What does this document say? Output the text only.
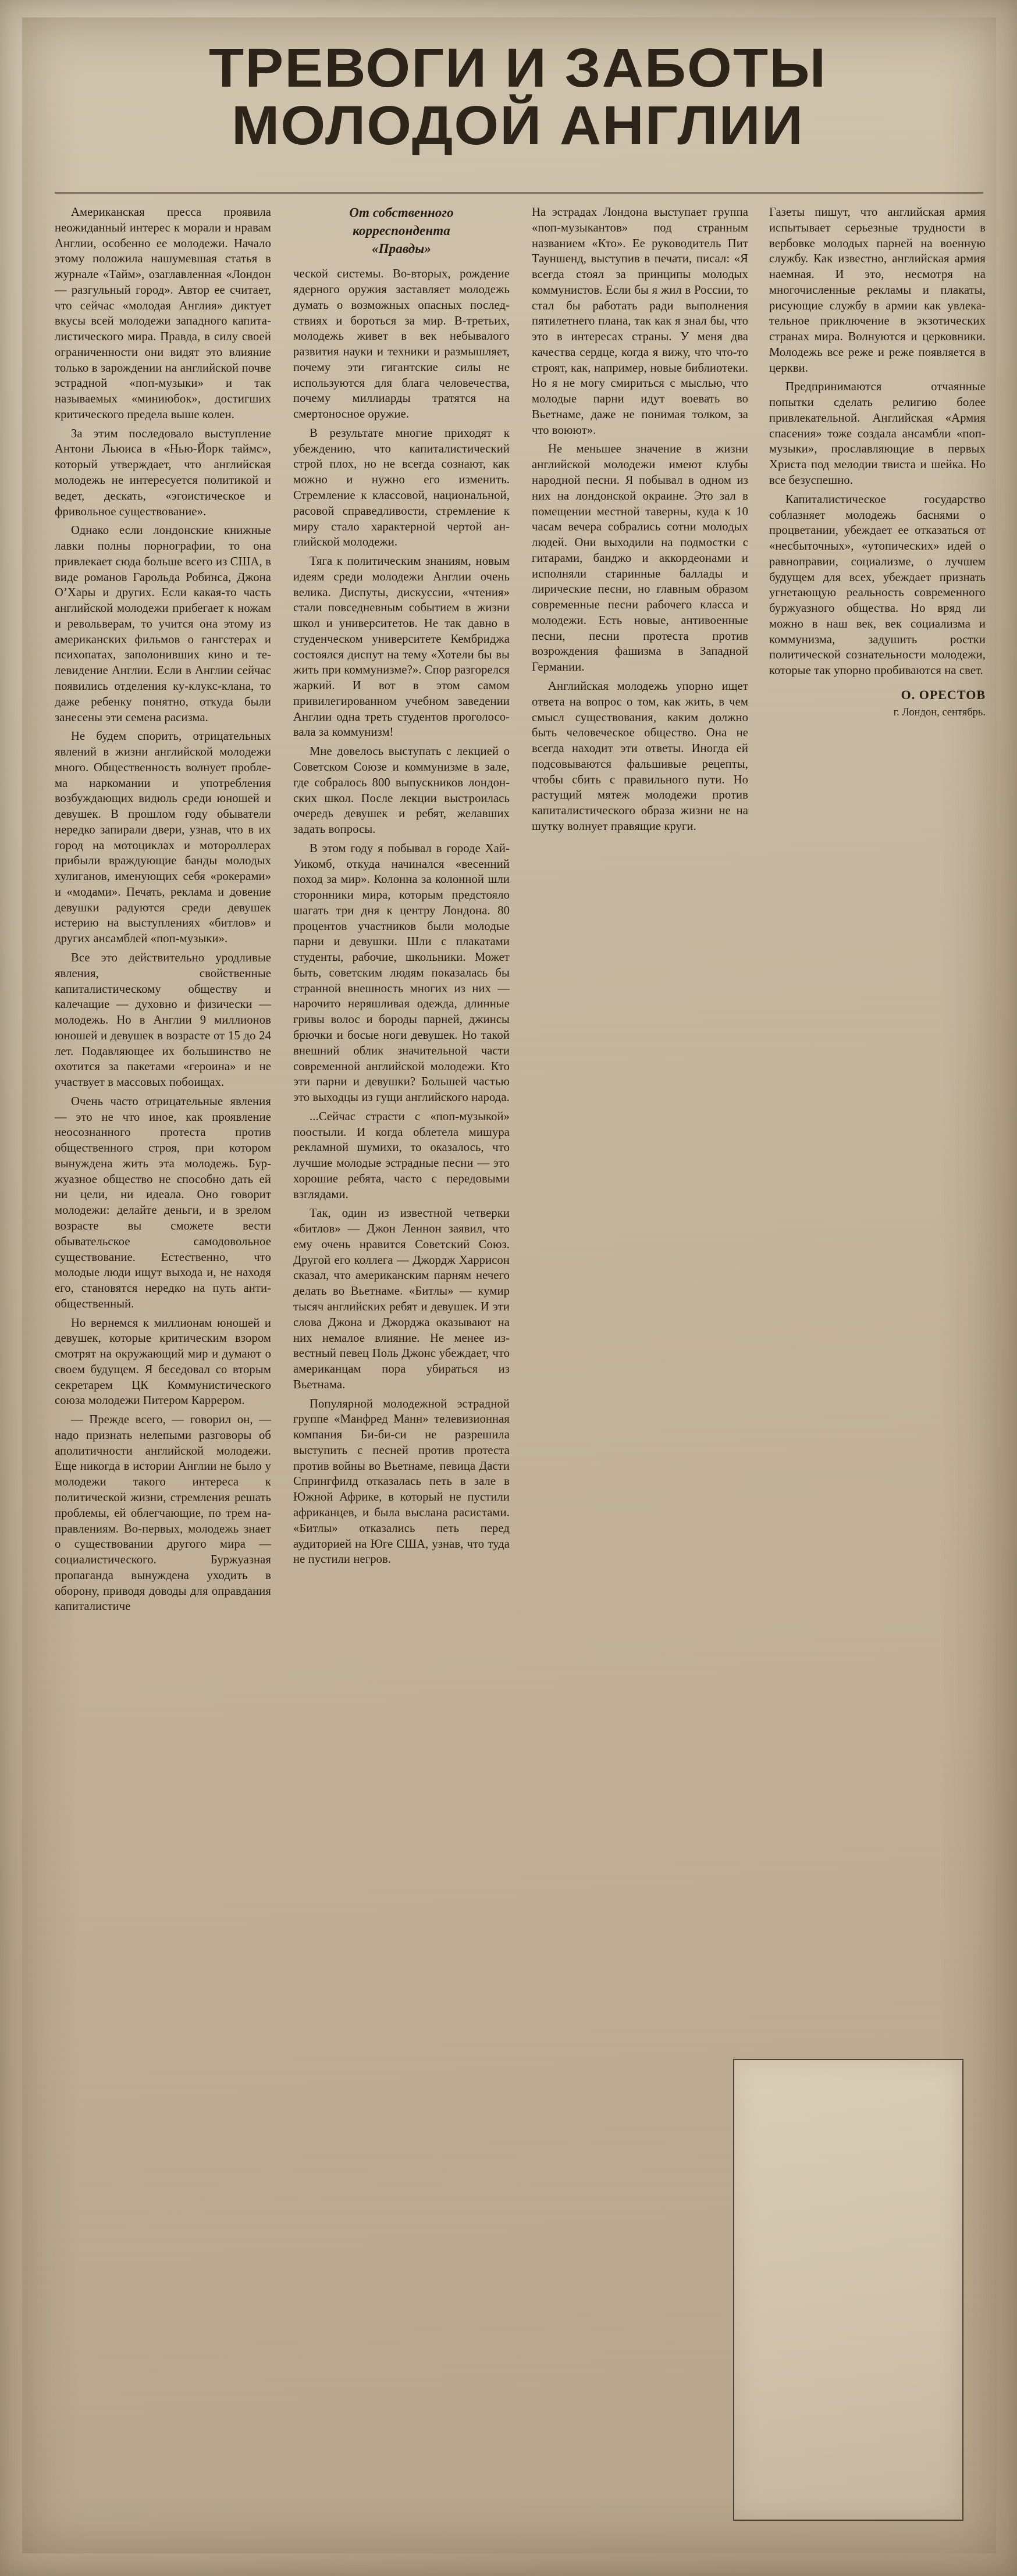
ТРЕВОГИ И ЗАБОТЫ
МОЛОДОЙ АНГЛИИ

Американская пресса проявила неожиданный интерес к морали и нравам Англии, особенно ее молодежи. Начало этому положила нашумевшая статья в журнале «Тайм», озаглавленная «Лондон — разгульный город». Автор ее считает, что сейчас «молодая Англия» диктует вкусы всей молодежи западного капиталистического мира. Правда, в силу своей ограниченности они видят это влияние только в зарождении на английской почве эстрадной «поп-музыки» и так называемых «миниюбок», достигших критического предела выше колен.

За этим последовало выступление Антони Льюиса в «Нью-Йорк таймс», который утверждает, что английская молодежь не интересуется политикой и ведет, дескать, «эгоистическое и фривольное существование».

Однако если лондонские книжные лавки полны порнографии, то она привлекает сюда больше всего из США, в виде романов Гарольда Робинса, Джона О’Хары и других. Если какая-то часть английской молодежи прибегает к ножам и револьверам, то учится она этому из американских фильмов о гангстерах и психопатах, заполонивших кино и телевидение Англии. Если в Англии сейчас появились отделения ку-клукс-клана, то даже ребенку понятно, откуда были занесены эти семена расизма.

Не будем спорить, отрицательных явлений в жизни английской молодежи много. Общественность волнует проблема наркомании и употребления возбуждающих видюль среди юношей и девушек. В прошлом году обыватели нередко запирали двери, узнав, что в их город на мотоциклах и мотороллерах прибыли враждующие банды молодых хулиганов, именующих себя «рокерами» и «модами». Печать, реклама и довение девушки радуются среди девушек истерию на выступлениях «битлов» и других ансамблей «поп-музыки».

Все это действительно уродливые явления, свойственные капиталистическому обществу и калечащие — духовно и физически — молодежь. Но в Англии 9 миллионов юношей и девушек в возрасте от 15 до 24 лет. Подавляющее их большинство не охотится за пакетами «героина» и не участвует в массовых побоищах.

Очень часто отрицательные явления — это не что иное, как проявление неосознанного протеста против общественного строя, при котором вынуждена жить эта молодежь. Буржуазное общество не способно дать ей ни цели, ни идеала. Оно говорит молодежи: делайте деньги, и в зрелом возрасте вы сможете вести обывательское самодовольное существование. Естественно, что молодые люди ищут выхода и, не находя его, становятся нередко на путь антиобщественный.

Но вернемся к миллионам юношей и девушек, которые критическим взором смотрят на окружающий мир и думают о своем будущем. Я беседовал со вторым секретарем ЦК Коммунистического союза молодежи Питером Каррером.

— Прежде всего, — говорил он, — надо признать нелепыми разговоры об аполитичности английской молодежи. Еще никогда в истории Англии не было у молодежи такого интереса к политической жизни, стремления решать проблемы, ей облегчающие, по трем направлениям. Во-первых, молодежь знает о существовании другого мира — социалистического. Буржуазная пропаганда вынуждена уходить в оборону, приводя доводы для оправдания капиталистиче

От собственного
корреспондента
«Правды»

ческой системы. Во-вторых, рождение ядерного оружия заставляет молодежь думать о возможных опасных последствиях и бороться за мир. В-третьих, молодежь живет в век небывалого развития науки и техники и размышляет, почему эти гигантские силы не используются для блага человечества, почему миллиарды тратятся на смертоносное оружие.

В результате многие приходят к убеждению, что капиталистический строй плох, но не всегда сознают, как можно и нужно его изменить. Стремление к классовой, национальной, расовой справедливости, стремление к миру стало характерной чертой английской молодежи.

Тяга к политическим знаниям, новым идеям среди молодежи Англии очень велика. Диспуты, дискуссии, «чтения» стали повседневным событием в жизни школ и университетов. Не так давно в студенческом университете Кембриджа состоялся диспут на тему «Хотели бы вы жить при коммунизме?». Спор разгорелся жаркий. И вот в этом самом привилегированном учебном заведении Англии одна треть студентов проголосовала за коммунизм!

Мне довелось выступать с лекцией о Советском Союзе и коммунизме в зале, где собралось 800 выпускников лондонских школ. После лекции выстроилась очередь девушек и ребят, желавших задать вопросы.

В этом году я побывал в городе Хай-Уикомб, откуда начинался «весенний поход за мир». Колонна за колонной шли сторонники мира, которым предстояло шагать три дня к центру Лондона. 80 процентов участников были молодые парни и девушки. Шли с плакатами студенты, рабочие, школьники. Может быть, советским людям показалась бы странной внешность многих из них — нарочито неряшливая одежда, длинные гривы волос и бороды парней, джинсы брючки и босые ноги девушек. Но такой внешний облик значительной части современной английской молодежи. Кто эти парни и девушки? Большей частью это выходцы из гущи английского народа.

...Сейчас страсти с «поп-музыкой» поостыли. И когда облетела мишура рекламной шумихи, то оказалось, что лучшие молодые эстрадные песни — это хорошие ребята, часто с передовыми взглядами.

Так, один из известной четверки «битлов» — Джон Леннон заявил, что ему очень нравится Советский Союз. Другой его коллега — Джордж Харрисон сказал, что американским парням нечего делать во Вьетнаме. «Битлы» — кумир тысяч английских ребят и девушек. И эти слова Джона и Джорджа оказывают на них немалое влияние. Не менее известный певец Поль Джонс убеждает, что американцам пора убираться из Вьетнама.

Популярной молодежной эстрадной группе «Манфред Манн» телевизионная компания Би-би-си не разрешила выступить с песней против протеста против войны во Вьетнаме, певица Дасти Спрингфилд отказалась петь в зале в Южной Африке, в который не пустили африканцев, и была выслана расистами. «Битлы» отказались петь перед аудиторией на Юге США, узнав, что туда не пустили негров.

На эстрадах Лондона выступает группа «поп-музыкантов» под странным названием «Кто». Ее руководитель Пит Тауншенд, выступив в печати, писал: «Я всегда стоял за принципы молодых коммунистов. Если бы я жил в России, то стал бы работать ради выполнения пятилетнего плана, так как я знал бы, что это в интересах страны. У меня два качества сердце, когда я вижу, что что-то строят, как, например, новые библиотеки. Но я не могу смириться с мыслью, что молодые парни идут воевать во Вьетнаме, даже не понимая толком, за что воюют».

Не меньшее значение в жизни английской молодежи имеют клубы народной песни. Я побывал в одном из них на лондонской окраине. Это зал в помещении местной таверны, куда к 10 часам вечера собрались сотни молодых людей. Они выходили на подмостки с гитарами, банджо и аккордеонами и исполняли старинные баллады и лирические песни, но главным образом современные песни рабочего класса и молодежи. Есть новые, антивоенные песни, песни протеста против возрождения фашизма в Западной Германии.

Английская молодежь упорно ищет ответа на вопрос о том, как жить, в чем смысл существования, каким должно быть человеческое общество. Она не всегда находит эти ответы. Иногда ей подсовываются фальшивые рецепты, чтобы сбить с правильного пути. Но растущий мятеж молодежи против капиталистического образа жизни не на шутку волнует правящие круги.

Газеты пишут, что английская армия испытывает серьезные трудности в вербовке молодых парней на военную службу. Как известно, английская армия наемная. И это, несмотря на многочисленные рекламы и плакаты, рисующие службу в армии как увлекательное приключение в экзотических странах мира. Волнуются и церковники. Молодежь все реже и реже появляется в церкви.

Предпринимаются отчаянные попытки сделать религию более привлекательной. Английская «Армия спасения» тоже создала ансамбли «поп-музыки», прославляющие в первых Христа под мелодии твиста и шейка. Но все безуспешно.

Капиталистическое государство соблазняет молодежь баснями о процветании, убеждает ее отказаться от «несбыточных», «утопических» идей о равноправии, социализме, о лучшем будущем для всех, убеждает признать угнетающую реальность современного буржуазного общества. Но вряд ли можно в наш век, век социализма и коммунизма, задушить ростки политической сознательности молодежи, которые так упорно пробиваются на свет.

О. ОРЕСТОВ
г. Лондон, сентябрь.
